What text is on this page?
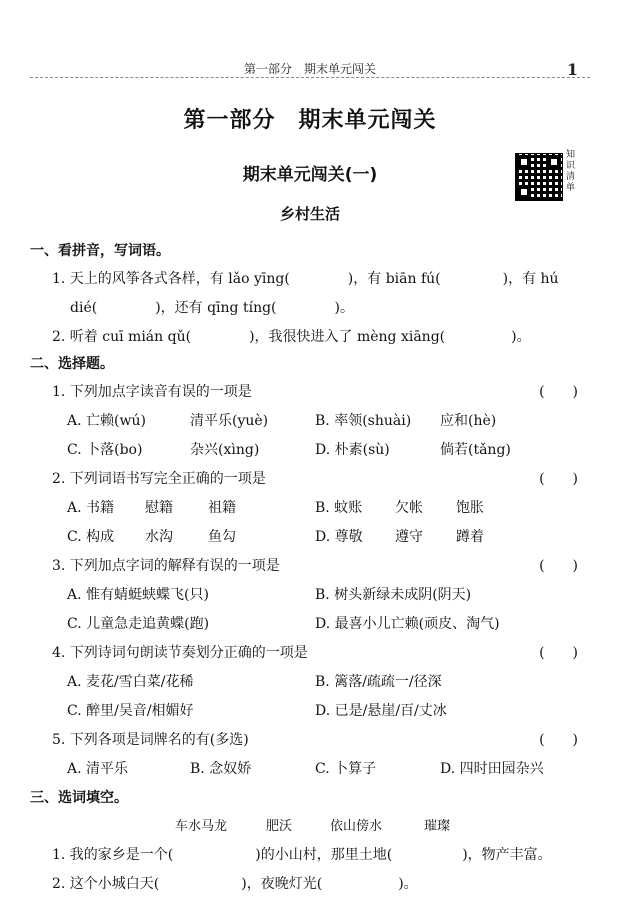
第一部分　期末单元闯关	1
第一部分　期末单元闯关
期末单元闯关(一)
乡村生活
知识清单
一、看拼音，写词语。
1. 天上的风筝各式各样，有 lǎo yīng(	)，有 biān fú(	)，有 hú
dié(	)，还有 qīng tíng(	)。
2. 听着 cuī mián qǔ(	)，我很快进入了 mèng xiāng(	)。
二、选择题。
1. 下列加点字读音有误的一项是	(　　)
A. 亡赖(wú)	清平乐(yuè)	B. 率领(shuài) 应和(hè)
C. 卜落(bo)	杂兴(xìng)	D. 朴素(sù)	倘若(tǎng)
2. 下列词语书写完全正确的一项是	(　　)
A. 书籍 慰籍	祖籍	B. 蚊账 欠帐 饱胀
C. 构成 水沟	鱼勾	D. 尊敬 遵守 蹲着
3. 下列加点字词的解释有误的一项是	(　　)
A. 惟有蜻蜓蛱蝶飞(只)	B. 树头新绿未成阴(阴天)
C. 儿童急走追黄蝶(跑)	D. 最喜小儿亡赖(顽皮、淘气)
4. 下列诗词句朗读节奏划分正确的一项是	(　　)
A. 麦花/雪白菜/花稀	B. 篱落/疏疏一/径深
C. 醉里/吴音/相媚好	D. 已是/悬崖/百/丈冰
5. 下列各项是词牌名的有(多选)	(　　)
A. 清平乐	B. 念奴娇	C. 卜算子	D. 四时田园杂兴
三、选词填空。
车水马龙	肥沃	依山傍水	璀璨
1. 我的家乡是一个(	)的小山村，那里土地(	)，物产丰富。
2. 这个小城白天(	)，夜晚灯光(	)。
